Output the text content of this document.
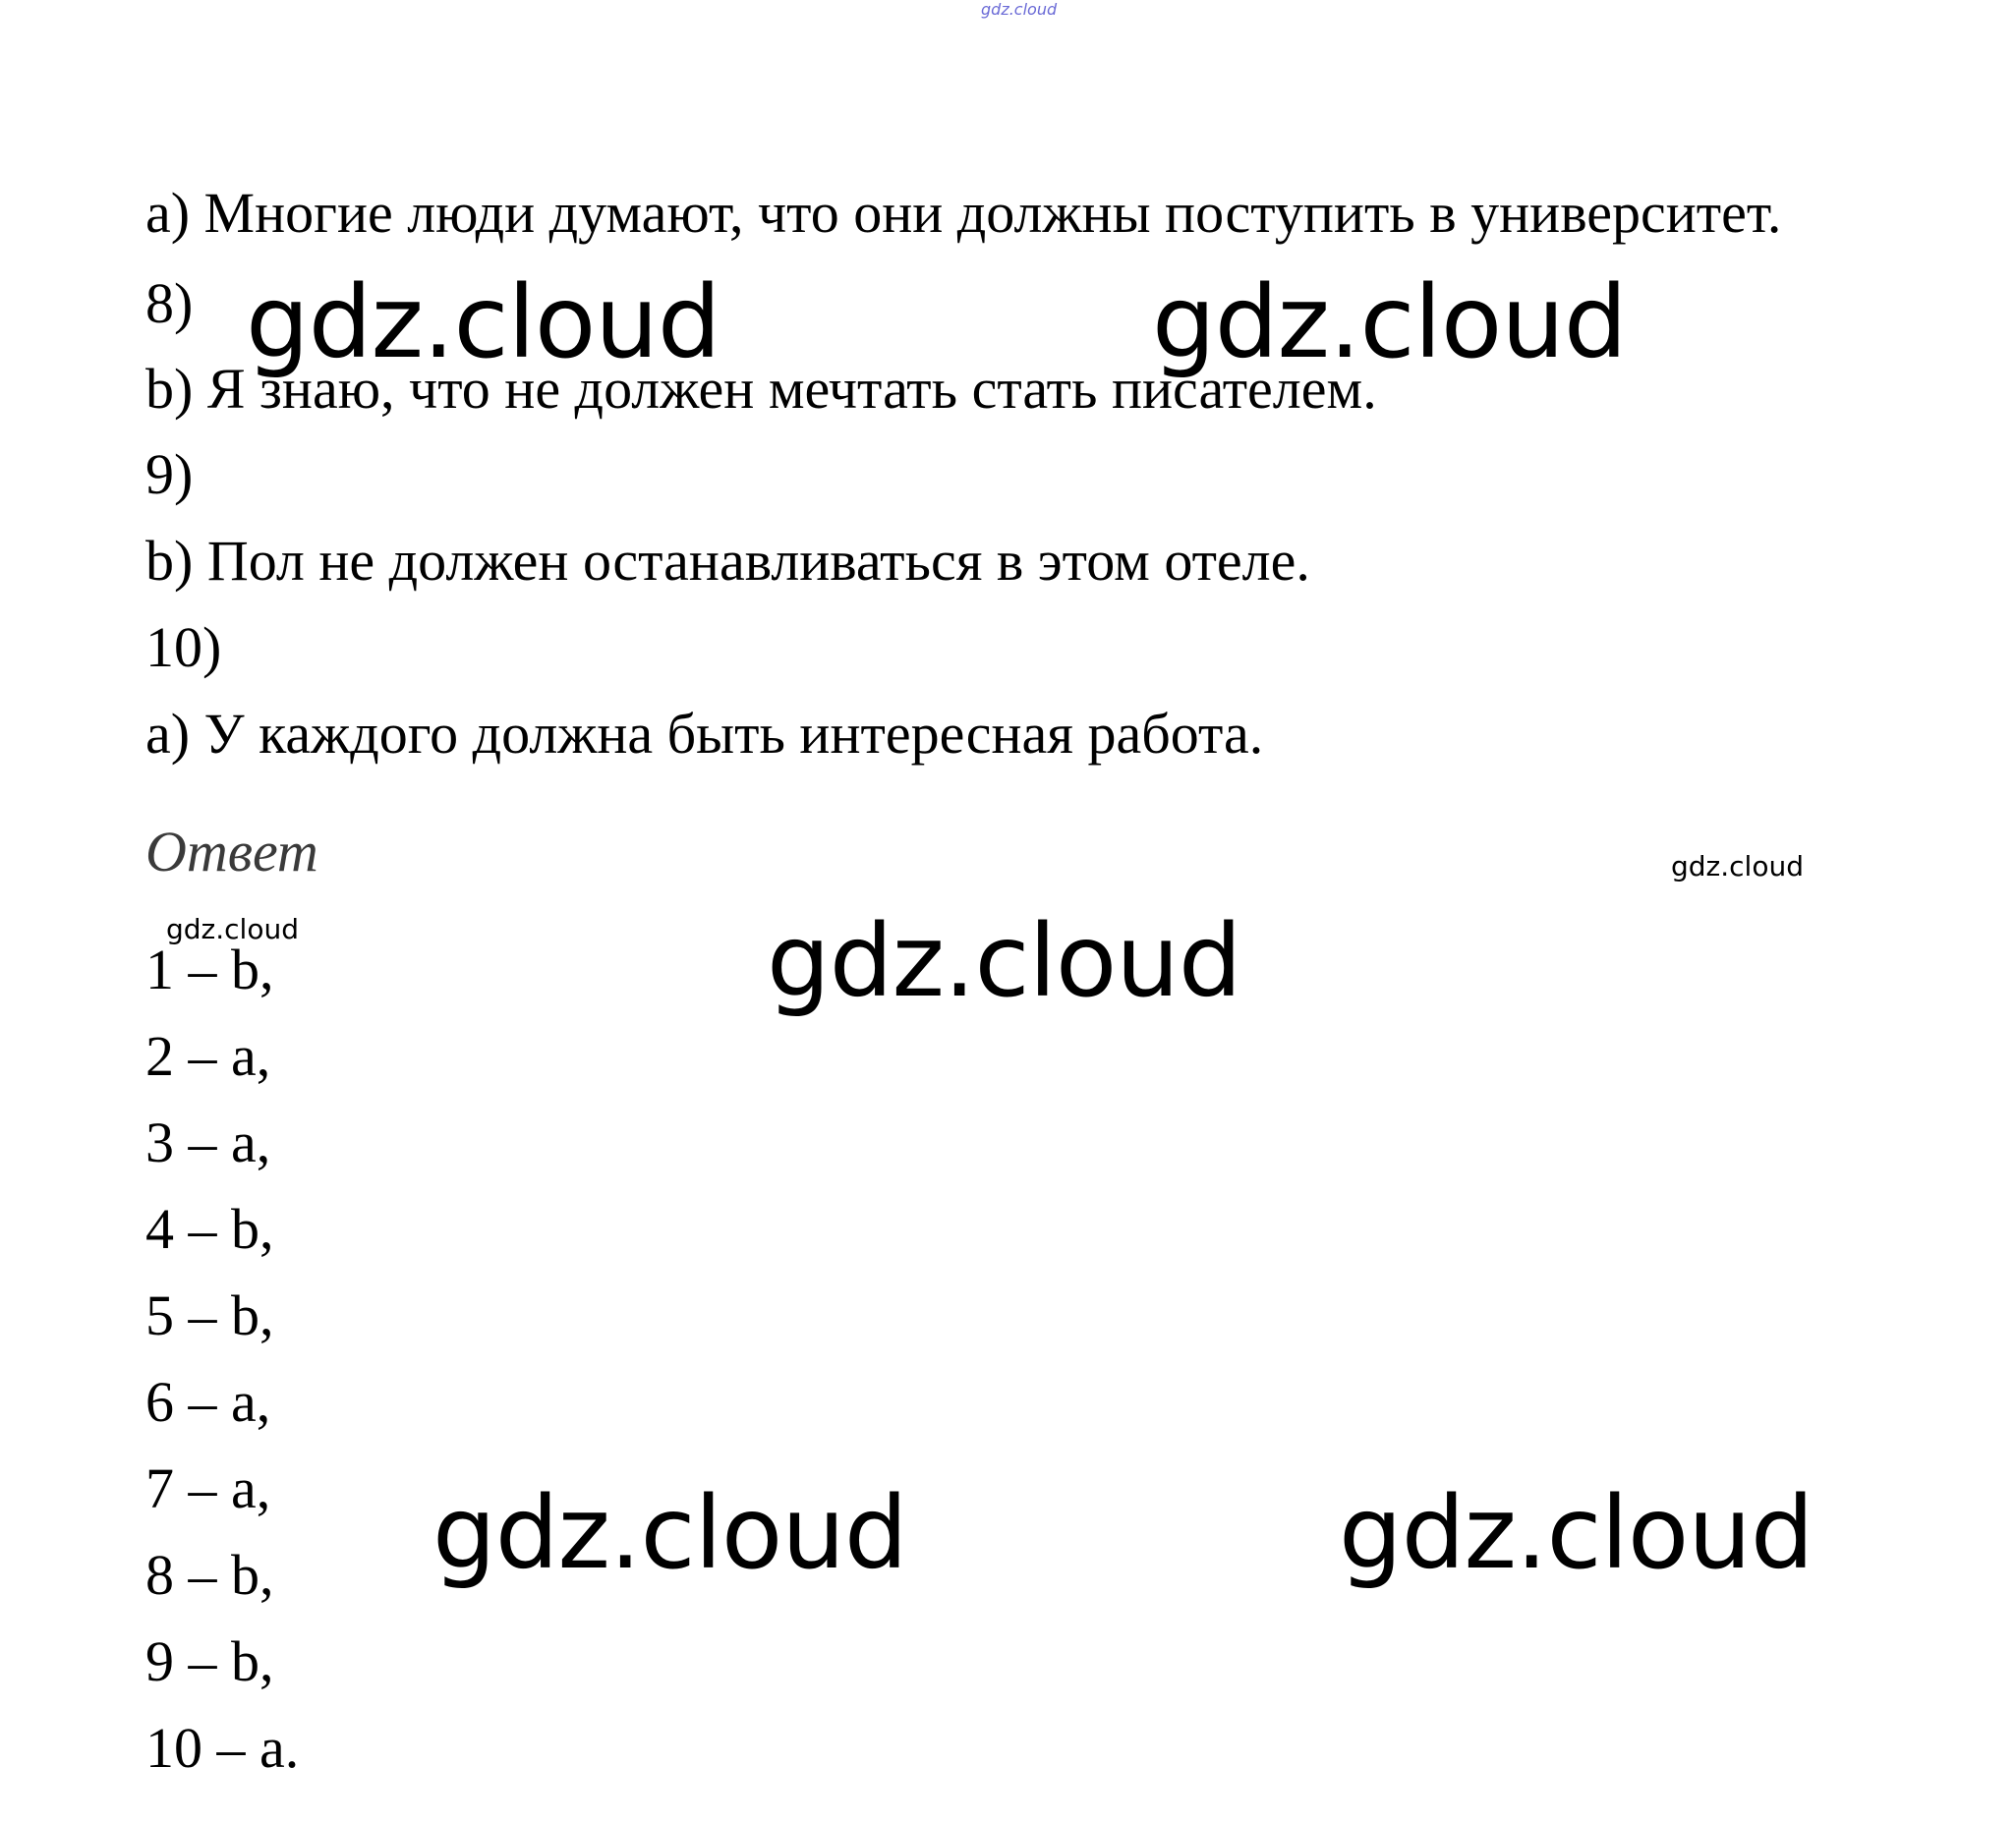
gdz.cloud
a) Многие люди думают, что они должны поступить в университет.
8)
b) Я знаю, что не должен мечтать стать писателем.
9)
b) Пол не должен останавливаться в этом отеле.
10)
a) У каждого должна быть интересная работа.
Ответ
1 – b,
2 – a,
3 – a,
4 – b,
5 – b,
6 – a,
7 – a,
8 – b,
9 – b,
10 – a.
gdz.cloud	gdz.cloud
gdz.cloud
gdz.cloud	gdz.cloud
gdz.cloud
gdz.cloud
